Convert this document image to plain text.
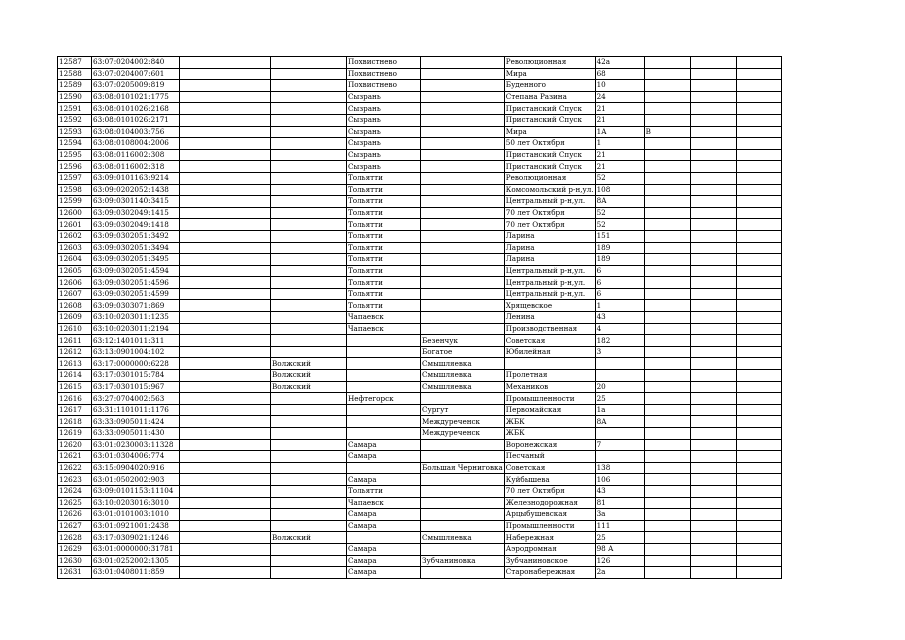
12587	63:07:0204002:840			Похвистнево		Революционная	42а			
12588	63:07:0204007:601			Похвистнево		Мира	68			
12589	63:07:0205009:819			Похвистнево		Буденного	10			
12590	63:08:0101021:1775			Сызрань		Степана Разина	24			
12591	63:08:0101026:2168			Сызрань		Пристанский Спуск	21			
12592	63:08:0101026:2171			Сызрань		Пристанский Спуск	21			
12593	63:08:0104003:756			Сызрань		Мира	1А	В		
12594	63:08:0108004:2006			Сызрань		50 лет Октября	1			
12595	63:08:0116002:308			Сызрань		Пристанский Спуск	21			
12596	63:08:0116002:318			Сызрань		Пристанский Спуск	21			
12597	63:09:0101163:9214			Тольятти		Революционная	52			
12598	63:09:0202052:1438			Тольятти		Комсомольский р-н,ул.	108			
12599	63:09:0301140:3415			Тольятти		Центральный р-н,ул.	8А			
12600	63:09:0302049:1415			Тольятти		70 лет Октября	52			
12601	63:09:0302049:1418			Тольятти		70 лет Октября	52			
12602	63:09:0302051:3492			Тольятти		Ларина	151			
12603	63:09:0302051:3494			Тольятти		Ларина	189			
12604	63:09:0302051:3495			Тольятти		Ларина	189			
12605	63:09:0302051:4594			Тольятти		Центральный р-н,ул.	6			
12606	63:09:0302051:4596			Тольятти		Центральный р-н,ул.	6			
12607	63:09:0302051:4599			Тольятти		Центральный р-н,ул.	6			
12608	63:09:0303071:869			Тольятти		Хрящевское	1			
12609	63:10:0203011:1235			Чапаевск		Ленина	43			
12610	63:10:0203011:2194			Чапаевск		Производственная	4			
12611	63:12:1401011:311				Безенчук	Советская	182			
12612	63:13:0901004:102				Богатое	Юбилейная	3			
12613	63:17:0000000:6228		Волжский		Смышляевка					
12614	63:17:0301015:784		Волжский		Смышляевка	Пролетная				
12615	63:17:0301015:967		Волжский		Смышляевка	Механиков	20			
12616	63:27:0704002:563			Нефтегорск		Промышленности	25			
12617	63:31:1101011:1176				Сургут	Первомайская	1а			
12618	63:33:0905011:424				Междуреченск	ЖБК	8А			
12619	63:33:0905011:430				Междуреченск	ЖБК				
12620	63:01:0230003:11328			Самара		Воронежская	7			
12621	63:01:0304006:774			Самара		Песчаный				
12622	63:15:0904020:916				Большая Черниговка	Советская	138			
12623	63:01:0502002:903			Самара		Куйбышева	106			
12624	63:09:0101153:11104			Тольятти		70 лет Октября	43			
12625	63:10:0203016:3010			Чапаевск		Железнодорожная	81			
12626	63:01:0101003:1010			Самара		Арцыбушевская	3а			
12627	63:01:0921001:2438			Самара		Промышленности	111			
12628	63:17:0309021:1246		Волжский		Смышляевка	Набережная	25			
12629	63:01:0000000:31781			Самара		Аэродромная	98 А			
12630	63:01:0252002:1305			Самара	Зубчаниновка	Зубчаниновское	126			
12631	63:01:0408011:859			Самара		Старонабережная	2а			
